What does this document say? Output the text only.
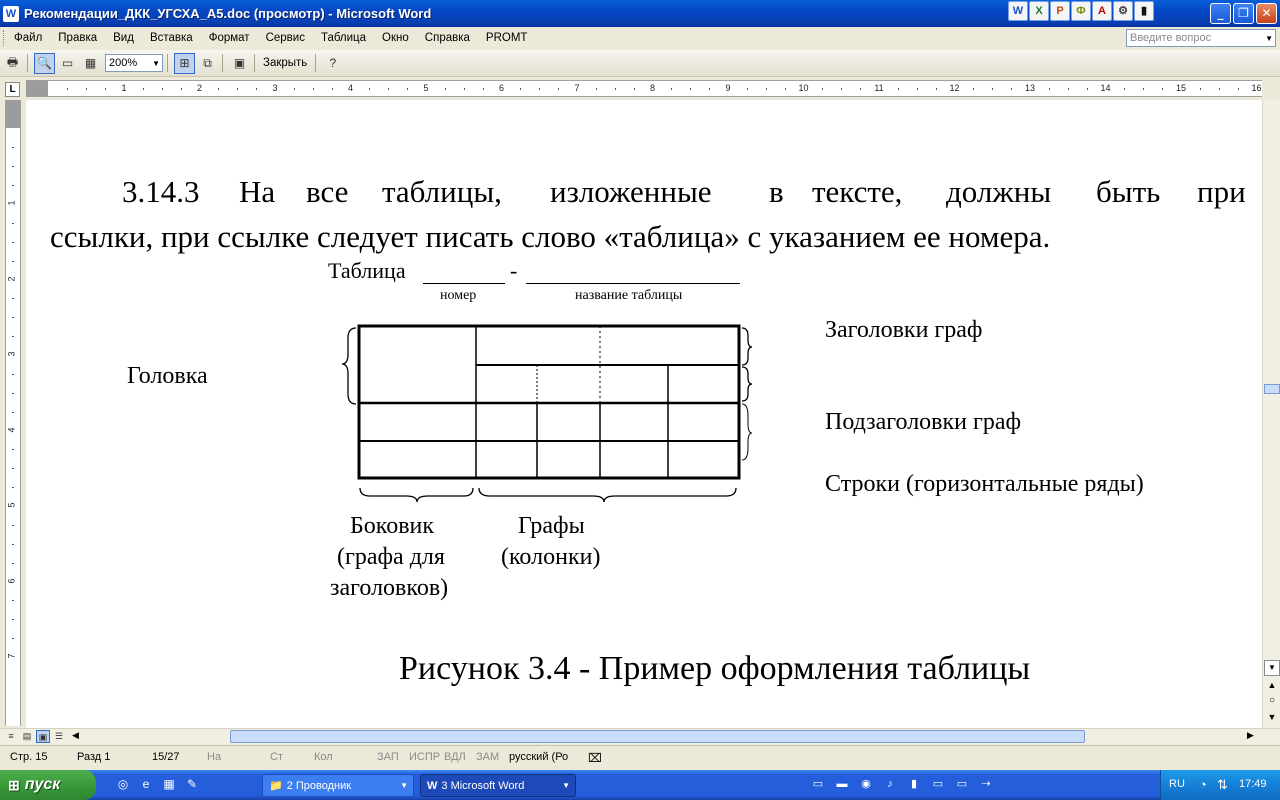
W Рекомендации_ДКК_УГСХА_А5.doc (просмотр) - Microsoft Word	W	X	P	Ф	A	⚙	▮	_	❐	✕
Файл	Правка	Вид	Вставка	Формат	Сервис	Таблица	Окно	Справка	PROMT	Введите вопрос	▼
🖶	🔍 ▭ ▦	200% ▼	⊞	⧉	▣	Закрыть	?
L	1	2	3	4	5	6	7	8	9	10	11	12	13	14	15	16
1
2
3
4
5
6
7
3.14.3 На все таблицы, изложенные в тексте, должны быть при
ссылки, при ссылке следует писать слово «таблица» с указанием ее номера.
Таблица	-
номер	название таблицы
Головка
Заголовки граф
Подзаголовки граф
Строки (горизонтальные ряды)
Боковик
(графа для
заголовков)
Графы
(колонки)
Рисунок 3.4 - Пример оформления таблицы	▼
▲
○
▼
≡	▤ ▣ ☰ ◀	▶
Стр. 15	Разд 1	15/27 На	Ст	Кол	ЗАП ИСПР ВДЛ ЗАМ русский (Ро ⌧
⊞ пуск	◎	e	▦ ✎	📁 2 Проводник	▼ W 3 Microsoft Word	▼	▭ ▬ ◉	♪	▮	▭ ▭	⇢	RU ◔ ⇅ 17:49
